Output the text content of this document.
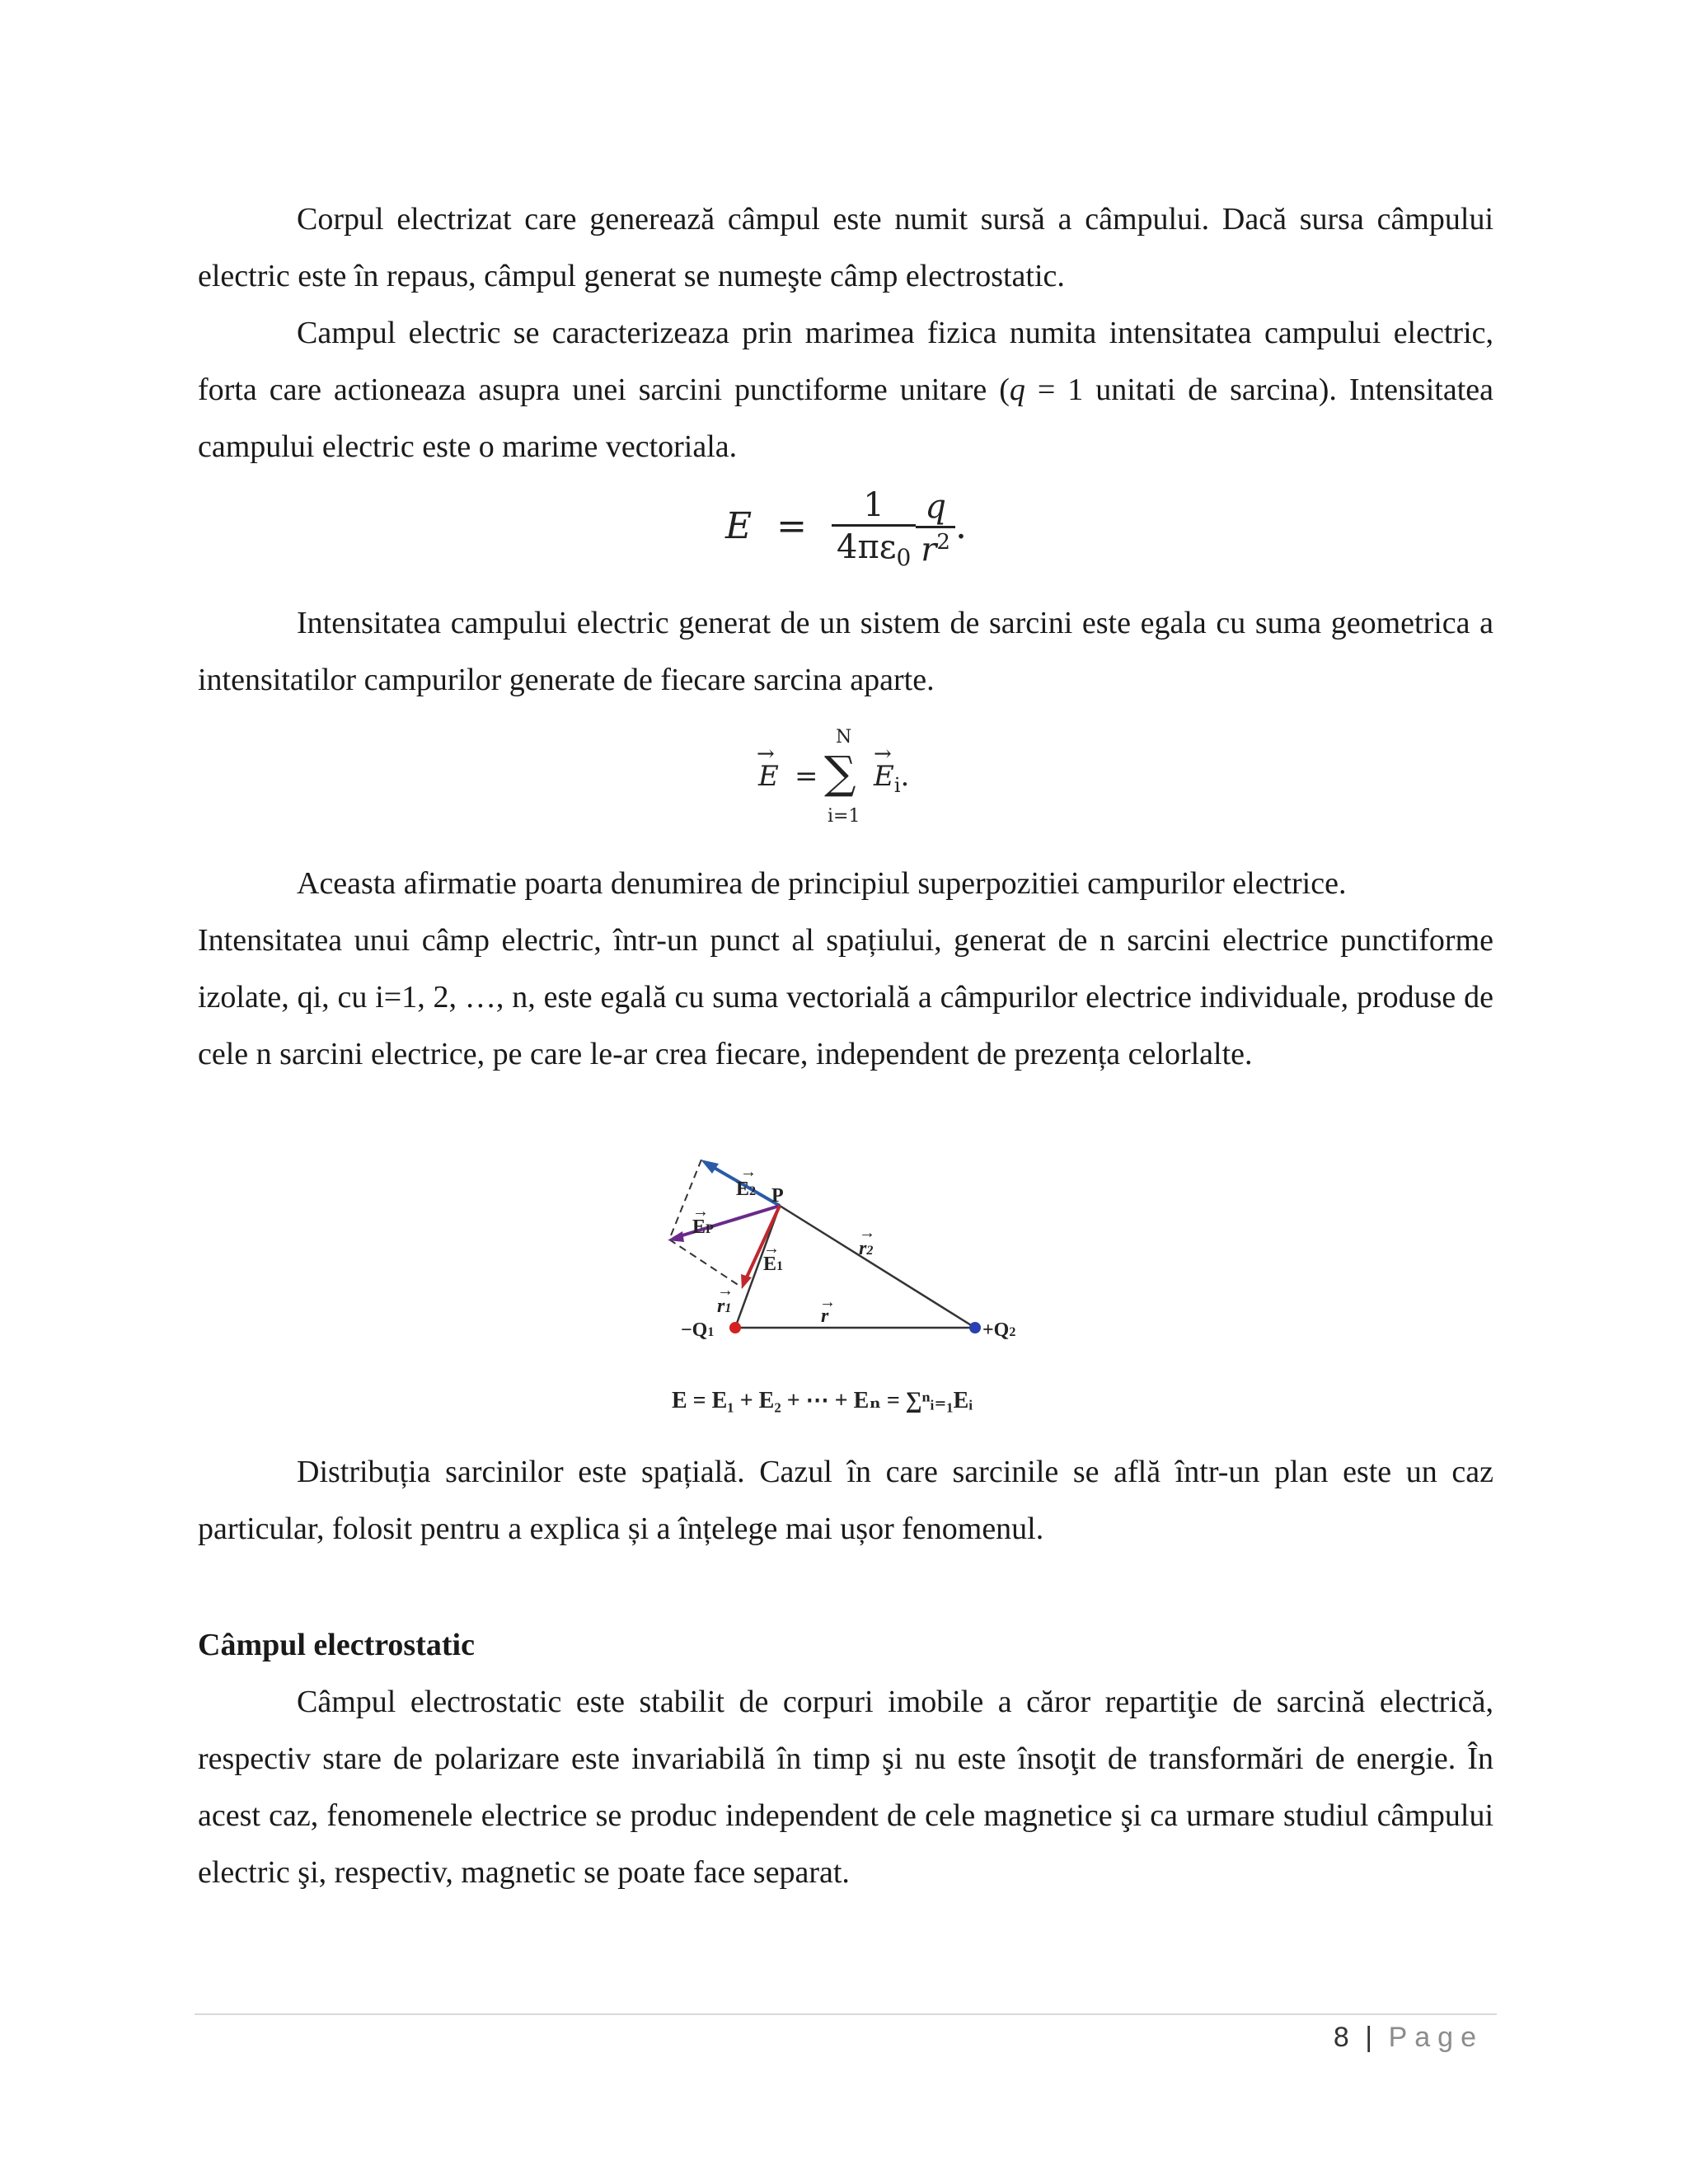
Corpul electrizat care generează câmpul este numit sursă a câmpului. Dacă sursa câmpului electric este în repaus, câmpul generat se numeşte câmp electrostatic.

Campul electric se caracterizeaza prin marimea fizica numita intensitatea campului electric, forta care actioneaza asupra unei sarcini punctiforme unitare (q = 1 unitati de sarcina). Intensitatea campului electric este o marime vectoriala.

$E = \frac{1}{4\pi\varepsilon_0} \frac{q}{r^2}$ .

Intensitatea campului electric generat de un sistem de sarcini este egala cu suma geometrica a intensitatilor campurilor generate de fiecare sarcina aparte.

→
E =
N
∑
i=1
→
$E_i$.

Aceasta afirmatie poarta denumirea de principiul superpozitiei campurilor electrice.

Intensitatea unui câmp electric, într-un punct al spațiului, generat de n sarcini electrice punctiforme izolate, qi, cu i=1, 2, …, n, este egală cu suma vectorială a câmpurilor electrice individuale, produse de cele n sarcini electrice, pe care le-ar crea fiecare, independent de prezența celorlalte.

→
E2 P
→
EP	→
r2
→
E1
→
r1	→
r
−Q1	+Q2
E = E₁ + E₂ + ⋯ + Eₙ = ∑ⁿᵢ₌₁Eᵢ

Distribuția sarcinilor este spațială. Cazul în care sarcinile se află într-un plan este un caz particular, folosit pentru a explica și a înțelege mai ușor fenomenul.

Câmpul electrostatic

Câmpul electrostatic este stabilit de corpuri imobile a căror repartiţie de sarcină electrică, respectiv stare de polarizare este invariabilă în timp şi nu este însoţit de transformări de energie. În acest caz, fenomenele electrice se produc independent de cele magnetice şi ca urmare studiul câmpului electric şi, respectiv, magnetic se poate face separat.

8 | Page
